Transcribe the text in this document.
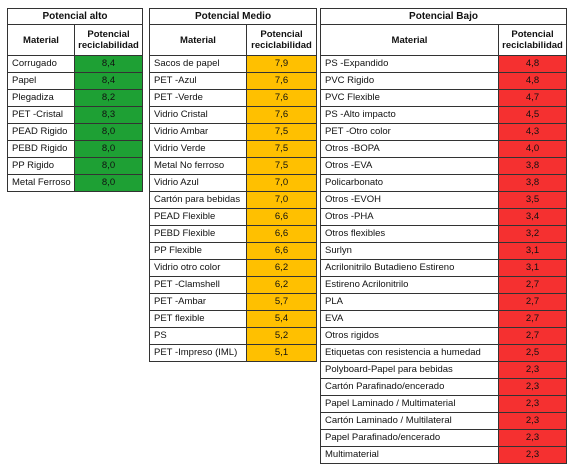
Potencial alto	
Material	Potencial reciclabilidad
Corrugado	8,4
Papel	8,4
Plegadiza	8,2
PET -Cristal	8,3
PEAD Rigido	8,0
PEBD Rigido	8,0
PP Rigido	8,0
Metal Ferroso	8,0
Potencial Medio	
Material	Potencial reciclabilidad
Sacos de papel	7,9
PET -Azul	7,6
PET -Verde	7,6
Vidrio Cristal	7,6
Vidrio Ambar	7,5
Vidrio Verde	7,5
Metal No ferroso	7,5
Vidrio Azul	7,0
Cartón para bebidas	7,0
PEAD Flexible	6,6
PEBD Flexible	6,6
PP Flexible	6,6
Vidrio otro color	6,2
PET -Clamshell	6,2
PET -Ambar	5,7
PET flexible	5,4
PS	5,2
PET -Impreso (IML)	5,1
Potencial Bajo	
Material	Potencial reciclabilidad
PS -Expandido	4,8
PVC Rigido	4,8
PVC Flexible	4,7
PS -Alto impacto	4,5
PET -Otro color	4,3
Otros -BOPA	4,0
Otros -EVA	3,8
Policarbonato	3,8
Otros -EVOH	3,5
Otros -PHA	3,4
Otros flexibles	3,2
Surlyn	3,1
Acrilonitrilo Butadieno Estireno	3,1
Estireno Acrilonitrilo	2,7
PLA	2,7
EVA	2,7
Otros rigidos	2,7
Etiquetas con resistencia a humedad	2,5
Polyboard-Papel para bebidas	2,3
Cartón Parafinado/encerado	2,3
Papel Laminado / Multimaterial	2,3
Cartón Laminado / Multilateral	2,3
Papel Parafinado/encerado	2,3
Multimaterial	2,3
